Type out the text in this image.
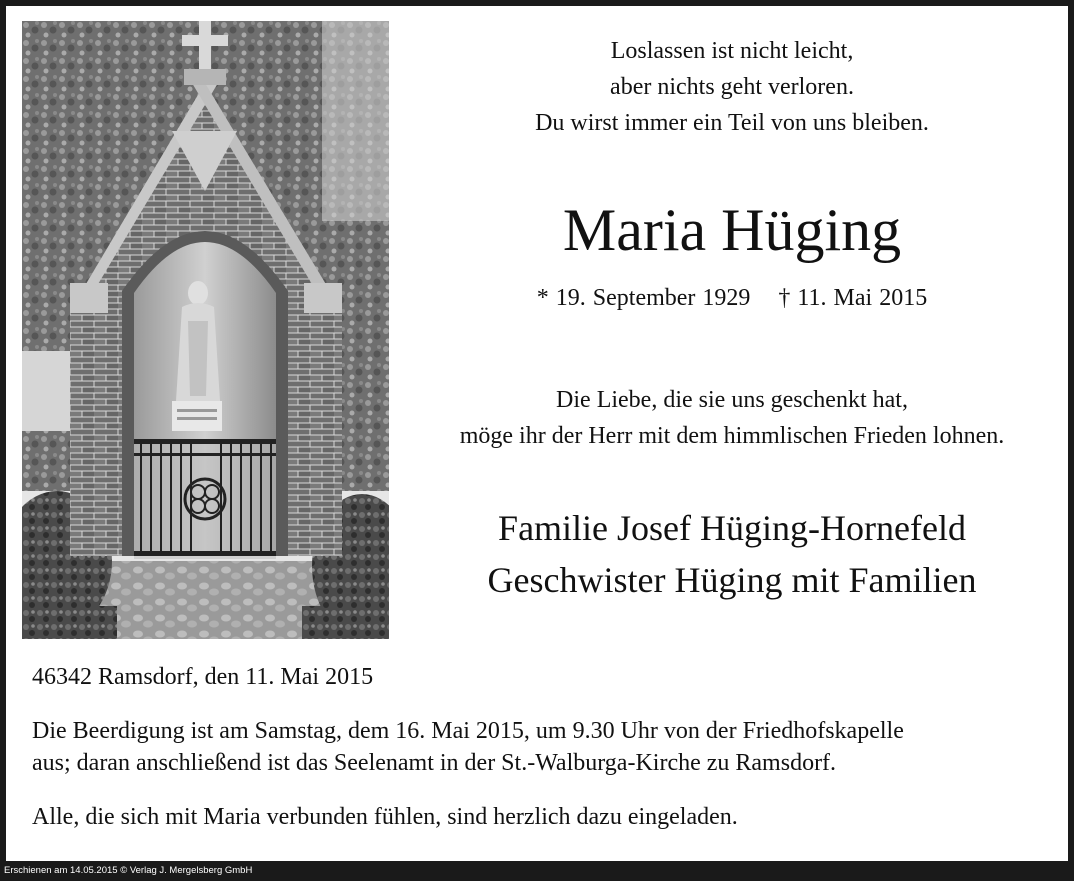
Loslassen ist nicht leicht,
aber nichts geht verloren.
Du wirst immer ein Teil von uns bleiben.
Maria Hüging
* 19. September 1929 † 11. Mai 2015
Die Liebe, die sie uns geschenkt hat,
möge ihr der Herr mit dem himmlischen Frieden lohnen.
Familie Josef Hüging-Hornefeld
Geschwister Hüging mit Familien
46342 Ramsdorf, den 11. Mai 2015
Die Beerdigung ist am Samstag, dem 16. Mai 2015, um 9.30 Uhr von der Friedhofskapelle
aus; daran anschließend ist das Seelenamt in der St.-Walburga-Kirche zu Ramsdorf.
Alle, die sich mit Maria verbunden fühlen, sind herzlich dazu eingeladen.
Erschienen am 14.05.2015 © Verlag J. Mergelsberg GmbH
